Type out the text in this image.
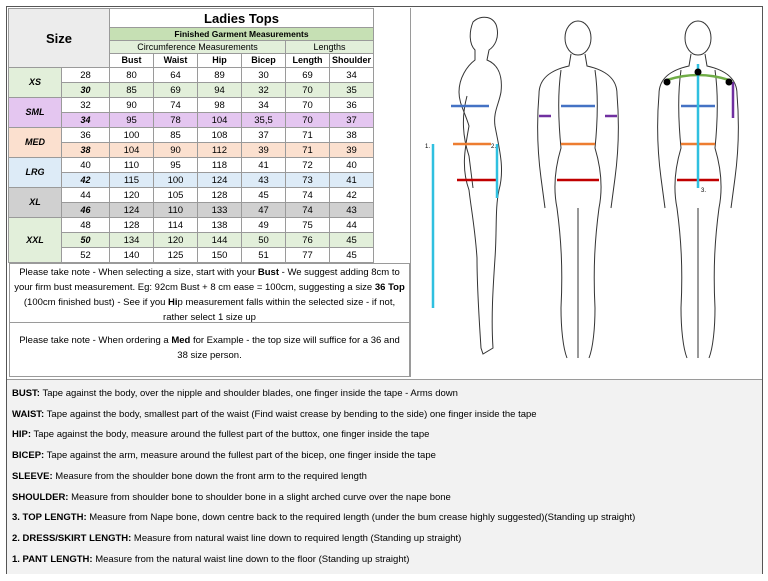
Size		Ladies Tops					
		Finished Garment Measurements					
		Circumference Measurements				Lengths	
		Bust	Waist	Hip	Bicep	Length	Shoulder
XS	28	80	64	89	30	69	34
	30	85	69	94	32	70	35
SML	32	90	74	98	34	70	36
	34	95	78	104	35,5	70	37
MED	36	100	85	108	37	71	38
	38	104	90	112	39	71	39
LRG	40	110	95	118	41	72	40
	42	115	100	124	43	73	41
XL	44	120	105	128	45	74	42
	46	124	110	133	47	74	43
XXL	48	128	114	138	49	75	44
	50	134	120	144	50	76	45
	52	140	125	150	51	77	45
Please take note - When selecting a size, start with your Bust - We suggest adding 8cm to your firm bust measurement. Eg: 92cm Bust + 8 cm ease = 100cm, suggesting a size 36 Top (100cm finished bust) - See if you Hip measurement falls within the selected size - if not, rather select 1 size up
Please take note - When ordering a Med for Example - the top size will suffice for a 36 and 38 size person.
1.	2.
3.
BUST: Tape against the body, over the nipple and shoulder blades, one finger inside the tape - Arms down
WAIST: Tape against the body, smallest part of the waist (Find waist crease by bending to the side) one finger inside the tape
HIP: Tape against the body, measure around the fullest part of the buttox, one finger inside the tape
BICEP: Tape against the arm, measure around the fullest part of the bicep, one finger inside the tape
SLEEVE: Measure from the shoulder bone down the front arm to the required length
SHOULDER: Measure from shoulder bone to shoulder bone in a slight arched curve over the nape bone
3. TOP LENGTH: Measure from Nape bone, down centre back to the required length (under the bum crease highly suggested)(Standing up straight)
2. DRESS/SKIRT LENGTH: Measure from natural waist line down to required length (Standing up straight)
1. PANT LENGTH: Measure from the natural waist line down to the floor (Standing up straight)
